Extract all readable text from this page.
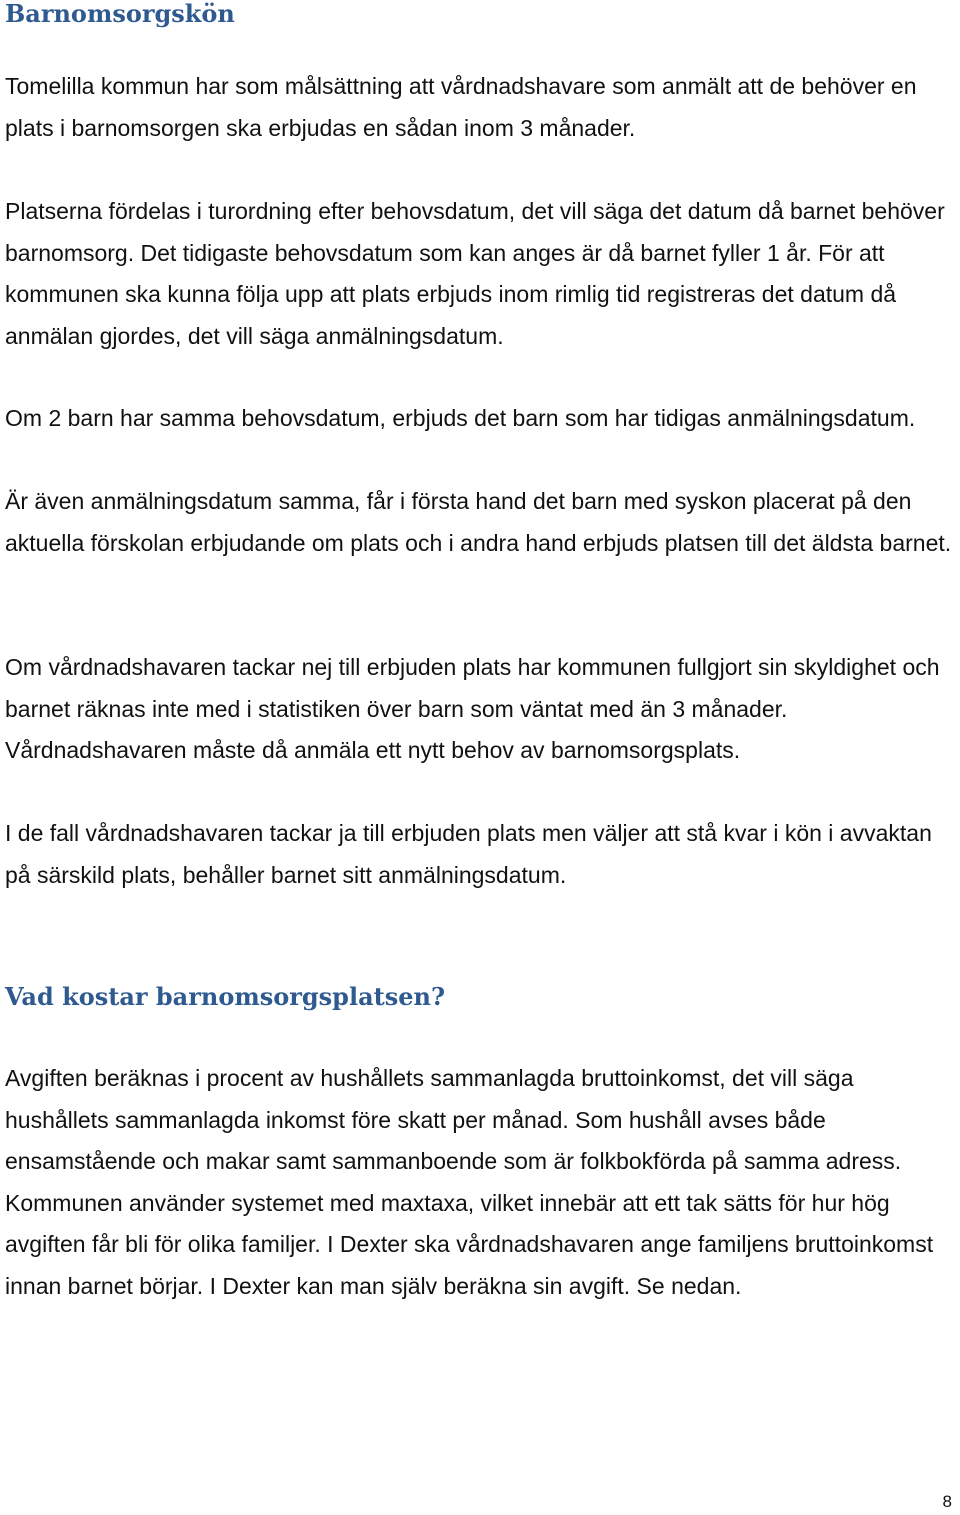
Barnomsorgskön

Tomelilla kommun har som målsättning att vårdnadshavare som anmält att de behöver en plats i barnomsorgen ska erbjudas en sådan inom 3 månader.

Platserna fördelas i turordning efter behovsdatum, det vill säga det datum då barnet behöver barnomsorg. Det tidigaste behovsdatum som kan anges är då barnet fyller 1 år. För att kommunen ska kunna följa upp att plats erbjuds inom rimlig tid registreras det datum då anmälan gjordes, det vill säga anmälningsdatum.

Om 2 barn har samma behovsdatum, erbjuds det barn som har tidigas anmälningsdatum.

Är även anmälningsdatum samma, får i första hand det barn med syskon placerat på den aktuella förskolan erbjudande om plats och i andra hand erbjuds platsen till det äldsta barnet.

Om vårdnadshavaren tackar nej till erbjuden plats har kommunen fullgjort sin skyldighet och barnet räknas inte med i statistiken över barn som väntat med än 3 månader. Vårdnadshavaren måste då anmäla ett nytt behov av barnomsorgsplats.

I de fall vårdnadshavaren tackar ja till erbjuden plats men väljer att stå kvar i kön i avvaktan på särskild plats, behåller barnet sitt anmälningsdatum.

Vad kostar barnomsorgsplatsen?

Avgiften beräknas i procent av hushållets sammanlagda bruttoinkomst, det vill säga hushållets sammanlagda inkomst före skatt per månad. Som hushåll avses både ensamstående och makar samt sammanboende som är folkbokförda på samma adress. Kommunen använder systemet med maxtaxa, vilket innebär att ett tak sätts för hur hög avgiften får bli för olika familjer. I Dexter ska vårdnadshavaren ange familjens bruttoinkomst innan barnet börjar. I Dexter kan man själv beräkna sin avgift. Se nedan.

8
